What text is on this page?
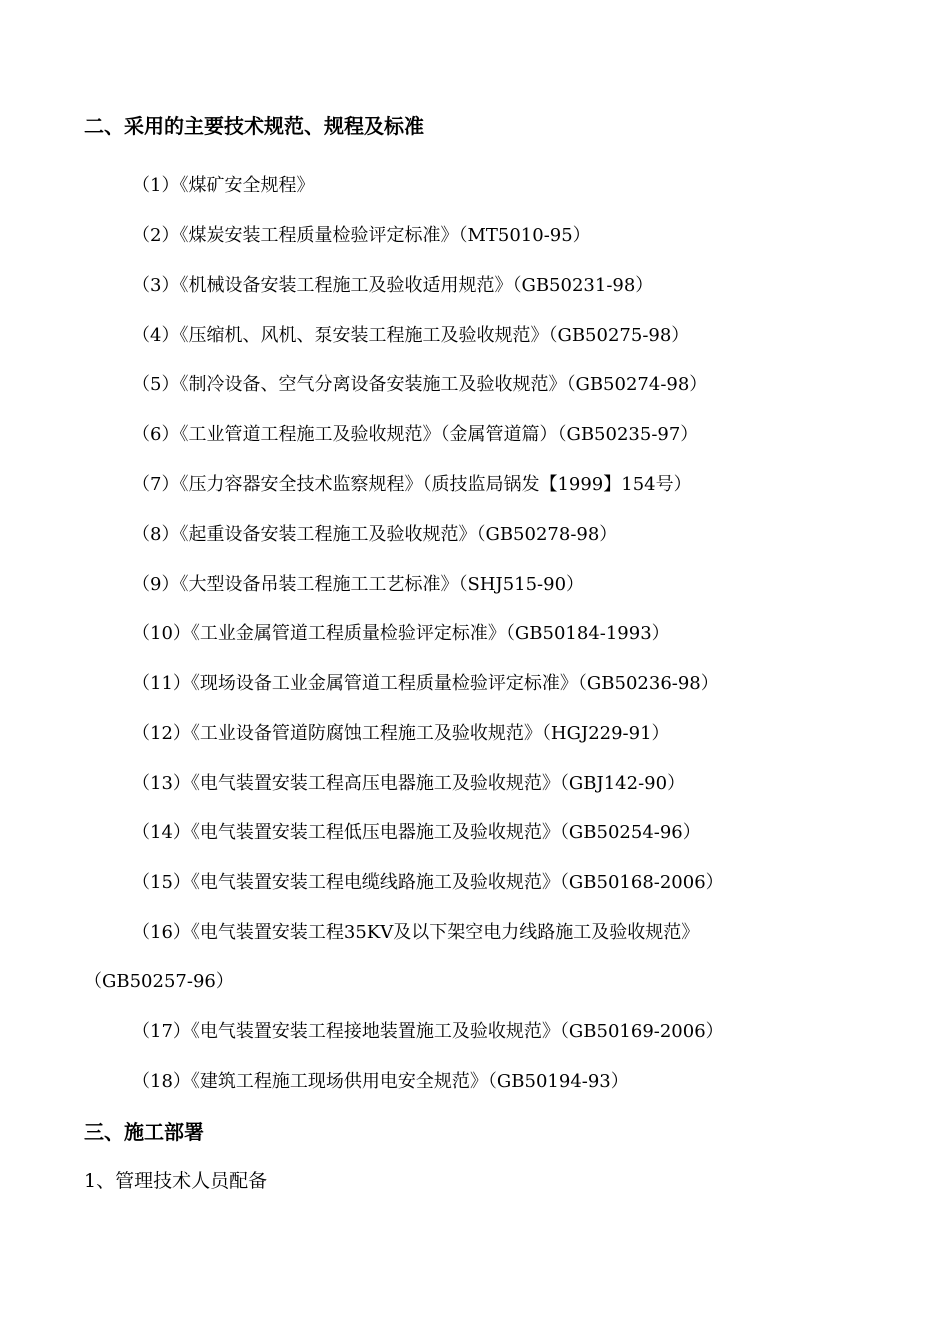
二、采用的主要技术规范、规程及标准
（1）《煤矿安全规程》
（2）《煤炭安装工程质量检验评定标准》（MT5010-95）
（3）《机械设备安装工程施工及验收适用规范》（GB50231-98）
（4）《压缩机、风机、泵安装工程施工及验收规范》（GB50275-98）
（5）《制冷设备、空气分离设备安装施工及验收规范》（GB50274-98）
（6）《工业管道工程施工及验收规范》（金属管道篇）（GB50235-97）
（7）《压力容器安全技术监察规程》（质技监局锅发【1999】154号）
（8）《起重设备安装工程施工及验收规范》（GB50278-98）
（9）《大型设备吊装工程施工工艺标准》（SHJ515-90）
（10）《工业金属管道工程质量检验评定标准》（GB50184-1993）
（11）《现场设备工业金属管道工程质量检验评定标准》（GB50236-98）
（12）《工业设备管道防腐蚀工程施工及验收规范》（HGJ229-91）
（13）《电气装置安装工程高压电器施工及验收规范》（GBJ142-90）
（14）《电气装置安装工程低压电器施工及验收规范》（GB50254-96）
（15）《电气装置安装工程电缆线路施工及验收规范》（GB50168-2006）
（16）《电气装置安装工程35KV及以下架空电力线路施工及验收规范》
（GB50257-96）
（17）《电气装置安装工程接地装置施工及验收规范》（GB50169-2006）
（18）《建筑工程施工现场供用电安全规范》（GB50194-93）
三、施工部署
1、管理技术人员配备
